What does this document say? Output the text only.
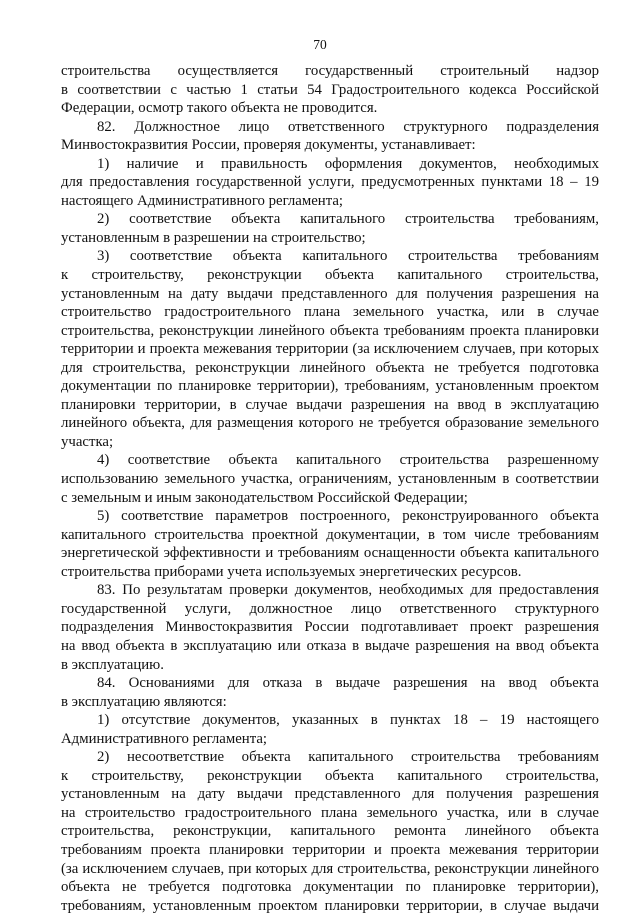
70
строительства осуществляется государственный строительный надзор
в соответствии с частью 1 статьи 54 Градостроительного кодекса Российской
Федерации, осмотр такого объекта не проводится.
82. Должностное лицо ответственного структурного подразделения
Минвостокразвития России, проверяя документы, устанавливает:
1) наличие и правильность оформления документов, необходимых
для предоставления государственной услуги, предусмотренных пунктами 18 – 19
настоящего Административного регламента;
2) соответствие объекта капитального строительства требованиям,
установленным в разрешении на строительство;
3) соответствие объекта капитального строительства требованиям
к строительству, реконструкции объекта капитального строительства,
установленным на дату выдачи представленного для получения разрешения на
строительство градостроительного плана земельного участка, или в случае
строительства, реконструкции линейного объекта требованиям проекта планировки
территории и проекта межевания территории (за исключением случаев, при которых
для строительства, реконструкции линейного объекта не требуется подготовка
документации по планировке территории), требованиям, установленным проектом
планировки территории, в случае выдачи разрешения на ввод в эксплуатацию
линейного объекта, для размещения которого не требуется образование земельного
участка;
4) соответствие объекта капитального строительства разрешенному
использованию земельного участка, ограничениям, установленным в соответствии
с земельным и иным законодательством Российской Федерации;
5) соответствие параметров построенного, реконструированного объекта
капитального строительства проектной документации, в том числе требованиям
энергетической эффективности и требованиям оснащенности объекта капитального
строительства приборами учета используемых энергетических ресурсов.
83. По результатам проверки документов, необходимых для предоставления
государственной услуги, должностное лицо ответственного структурного
подразделения Минвостокразвития России подготавливает проект разрешения
на ввод объекта в эксплуатацию или отказа в выдаче разрешения на ввод объекта
в эксплуатацию.
84. Основаниями для отказа в выдаче разрешения на ввод объекта
в эксплуатацию являются:
1) отсутствие документов, указанных в пунктах 18 – 19 настоящего
Административного регламента;
2) несоответствие объекта капитального строительства требованиям
к строительству, реконструкции объекта капитального строительства,
установленным на дату выдачи представленного для получения разрешения
на строительство градостроительного плана земельного участка, или в случае
строительства, реконструкции, капитального ремонта линейного объекта
требованиям проекта планировки территории и проекта межевания территории
(за исключением случаев, при которых для строительства, реконструкции линейного
объекта не требуется подготовка документации по планировке территории),
требованиям, установленным проектом планировки территории, в случае выдачи
